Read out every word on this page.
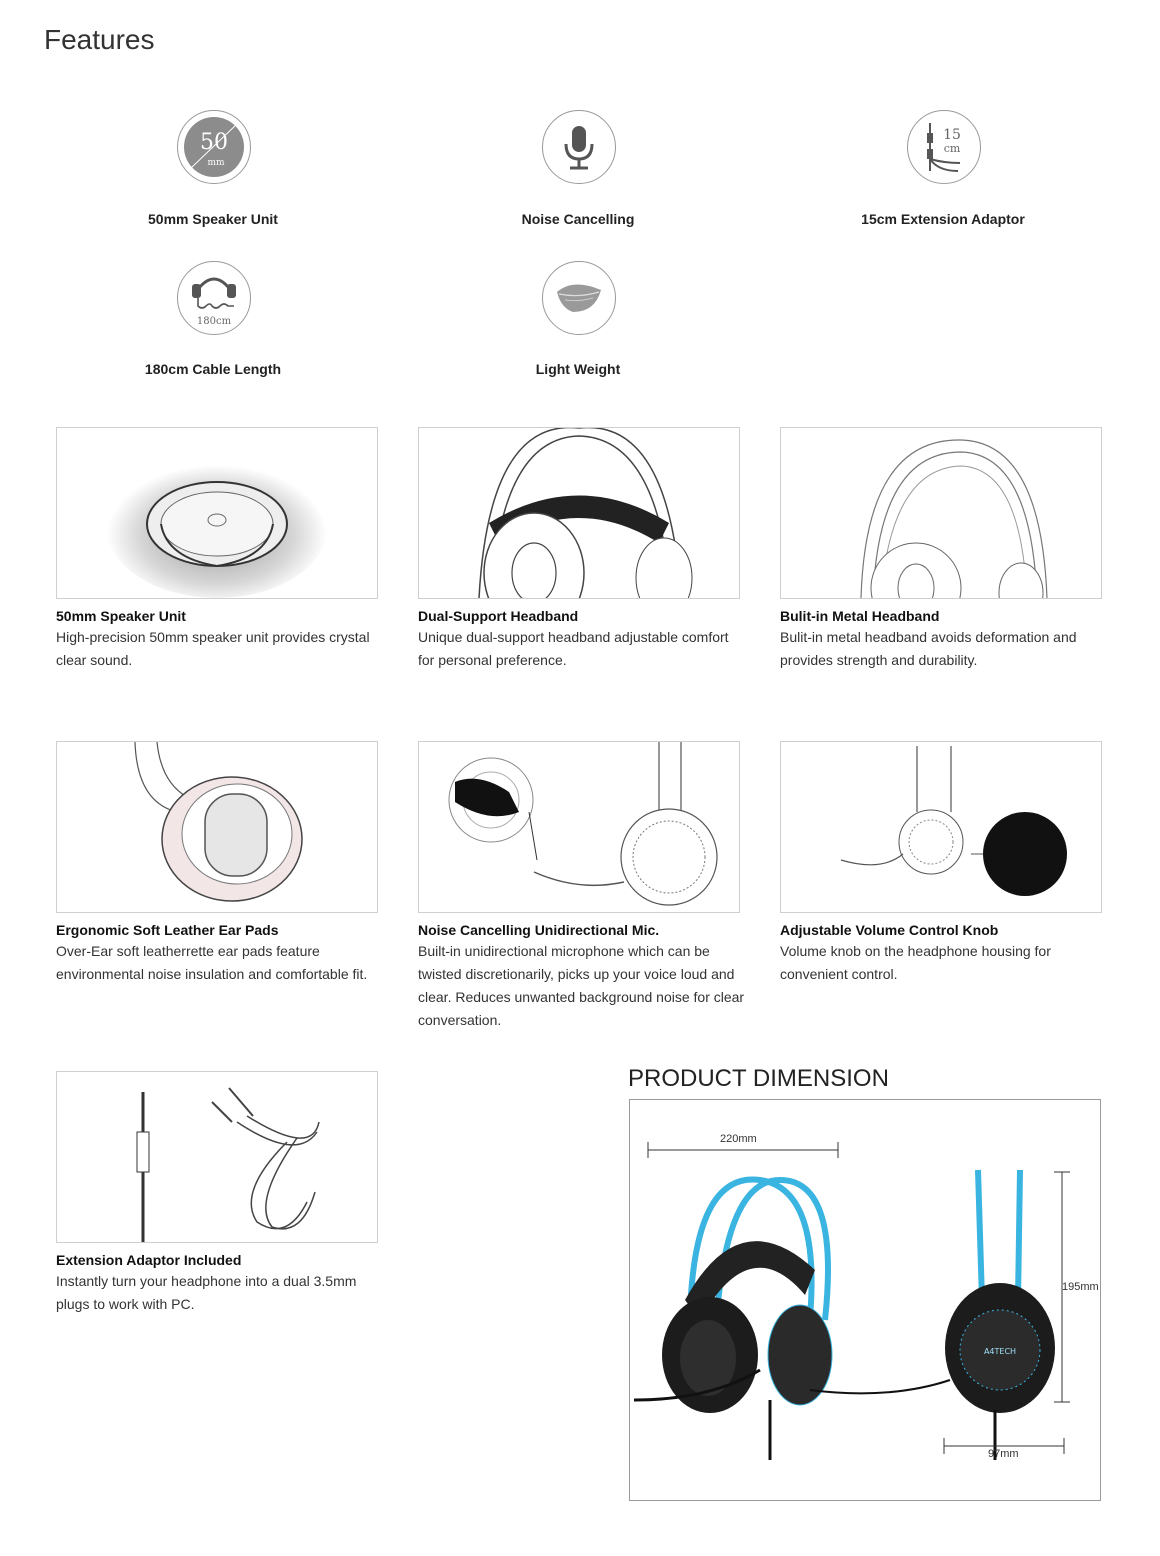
Features
50
mm
50mm Speaker Unit	Noise Cancelling
15
cm
15cm Extension Adaptor
180cm
180cm Cable Length	Light Weight
50mm Speaker Unit
High-precision 50mm speaker unit provides crystal clear sound.
Dual-Support Headband
Unique dual-support headband adjustable comfort for personal preference.
Bulit-in Metal Headband
Bulit-in metal headband avoids deformation and provides strength and durability.
Ergonomic Soft Leather Ear Pads
Over-Ear soft leatherrette ear pads feature environmental noise insulation and comfortable fit.
Noise Cancelling Unidirectional Mic.
Built-in unidirectional microphone which can be twisted discretionarily, picks up your voice loud and clear. Reduces unwanted background noise for clear conversation.
Adjustable Volume Control Knob
Volume knob on the headphone housing for convenient control.
Extension Adaptor Included
Instantly turn your headphone into a dual 3.5mm plugs to work with PC.
PRODUCT DIMENSION
A4TECH
220mm
195mm
97mm
